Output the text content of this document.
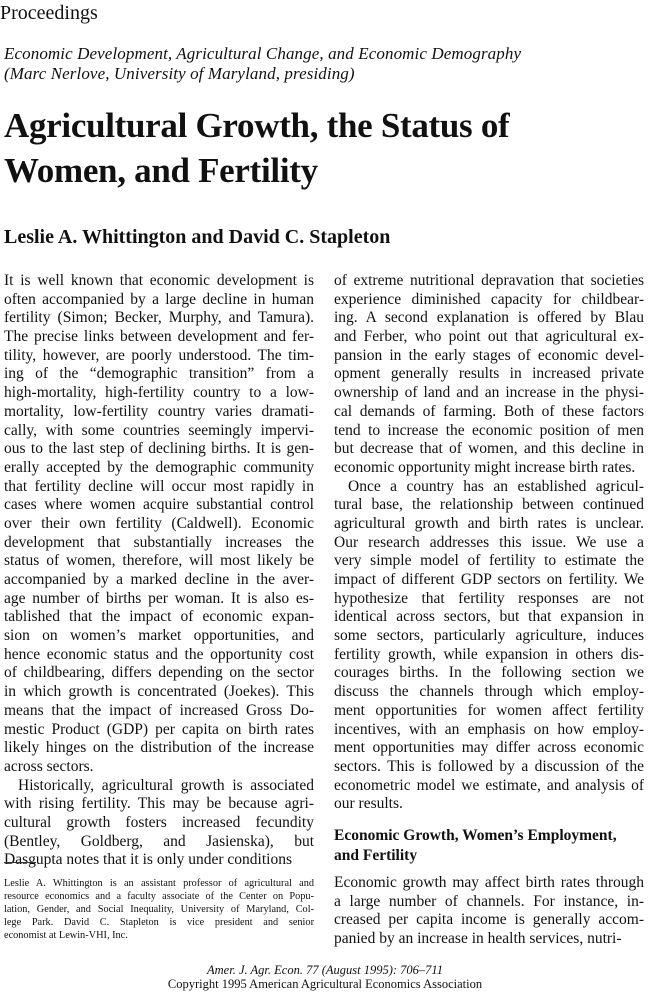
Proceedings
Economic Development, Agricultural Change, and Economic Demography
(Marc Nerlove, University of Maryland, presiding)
Agricultural Growth, the Status of
Women, and Fertility
Leslie A. Whittington and David C. Stapleton
It is well known that economic development is
often accompanied by a large decline in human
fertility (Simon; Becker, Murphy, and Tamura).
The precise links between development and fer-
tility, however, are poorly understood. The tim-
ing of the “demographic transition” from a
high-mortality, high-fertility country to a low-
mortality, low-fertility country varies dramati-
cally, with some countries seemingly impervi-
ous to the last step of declining births. It is gen-
erally accepted by the demographic community
that fertility decline will occur most rapidly in
cases where women acquire substantial control
over their own fertility (Caldwell). Economic
development that substantially increases the
status of women, therefore, will most likely be
accompanied by a marked decline in the aver-
age number of births per woman. It is also es-
tablished that the impact of economic expan-
sion on women’s market opportunities, and
hence economic status and the opportunity cost
of childbearing, differs depending on the sector
in which growth is concentrated (Joekes). This
means that the impact of increased Gross Do-
mestic Product (GDP) per capita on birth rates
likely hinges on the distribution of the increase
across sectors.
Historically, agricultural growth is associated
with rising fertility. This may be because agri-
cultural growth fosters increased fecundity
(Bentley, Goldberg, and Jasienska), but
Dasgupta notes that it is only under conditions
of extreme nutritional depravation that societies
experience diminished capacity for childbear-
ing. A second explanation is offered by Blau
and Ferber, who point out that agricultural ex-
pansion in the early stages of economic devel-
opment generally results in increased private
ownership of land and an increase in the physi-
cal demands of farming. Both of these factors
tend to increase the economic position of men
but decrease that of women, and this decline in
economic opportunity might increase birth rates.
Once a country has an established agricul-
tural base, the relationship between continued
agricultural growth and birth rates is unclear.
Our research addresses this issue. We use a
very simple model of fertility to estimate the
impact of different GDP sectors on fertility. We
hypothesize that fertility responses are not
identical across sectors, but that expansion in
some sectors, particularly agriculture, induces
fertility growth, while expansion in others dis-
courages births. In the following section we
discuss the channels through which employ-
ment opportunities for women affect fertility
incentives, with an emphasis on how employ-
ment opportunities may differ across economic
sectors. This is followed by a discussion of the
econometric model we estimate, and analysis of
our results.
Economic Growth, Women’s Employment,
and Fertility
Economic growth may affect birth rates through
a large number of channels. For instance, in-
creased per capita income is generally accom-
panied by an increase in health services, nutri-
Leslie A. Whittington is an assistant professor of agricultural and
resource economics and a faculty associate of the Center on Popu-
lation, Gender, and Social Inequality, University of Maryland, Col-
lege Park. David C. Stapleton is vice president and senior
economist at Lewin-VHI, Inc.
Amer. J. Agr. Econ. 77 (August 1995): 706–711
Copyright 1995 American Agricultural Economics Association
